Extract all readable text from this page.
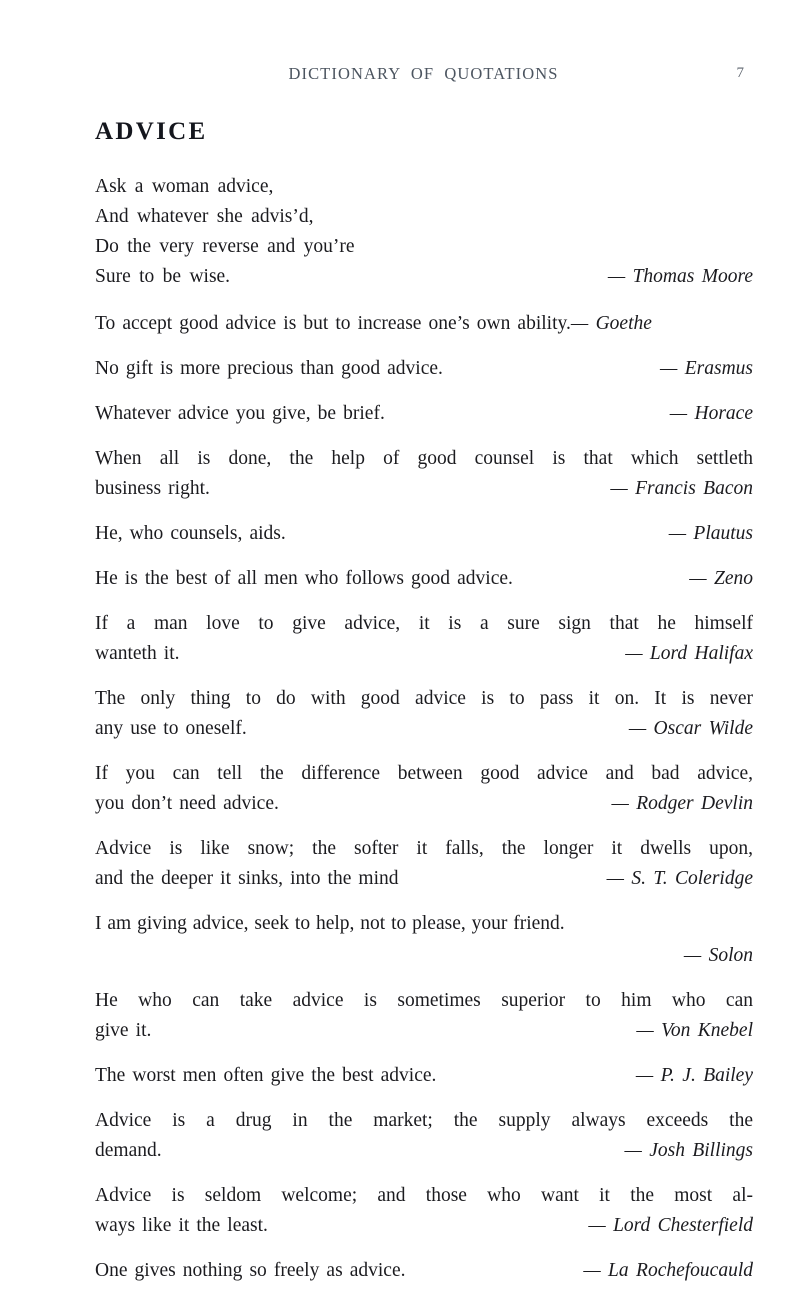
DICTIONARY OF QUOTATIONS	7
ADVICE
Ask a woman advice,
And whatever she advis’d,
Do the very reverse and you’re
Sure to be wise.	— Thomas Moore
To accept good advice is but to increase one’s own ability. — Goethe
No gift is more precious than good advice.	— Erasmus
Whatever advice you give, be brief.	— Horace
When all is done, the help of good counsel is that which settleth
business right.	— Francis Bacon
He, who counsels, aids.	— Plautus
He is the best of all men who follows good advice.	— Zeno
If a man love to give advice, it is a sure sign that he himself
wanteth it.	— Lord Halifax
The only thing to do with good advice is to pass it on. It is never
any use to oneself.	— Oscar Wilde
If you can tell the difference between good advice and bad advice,
you don’t need advice.	— Rodger Devlin
Advice is like snow; the softer it falls, the longer it dwells upon,
and the deeper it sinks, into the mind	— S. T. Coleridge
I am giving advice, seek to help, not to please, your friend.
— Solon
He who can take advice is sometimes superior to him who can
give it.	— Von Knebel
The worst men often give the best advice.	— P. J. Bailey
Advice is a drug in the market; the supply always exceeds the
demand.	— Josh Billings
Advice is seldom welcome; and those who want it the most al-
ways like it the least.	— Lord Chesterfield
One gives nothing so freely as advice.	— La Rochefoucauld
